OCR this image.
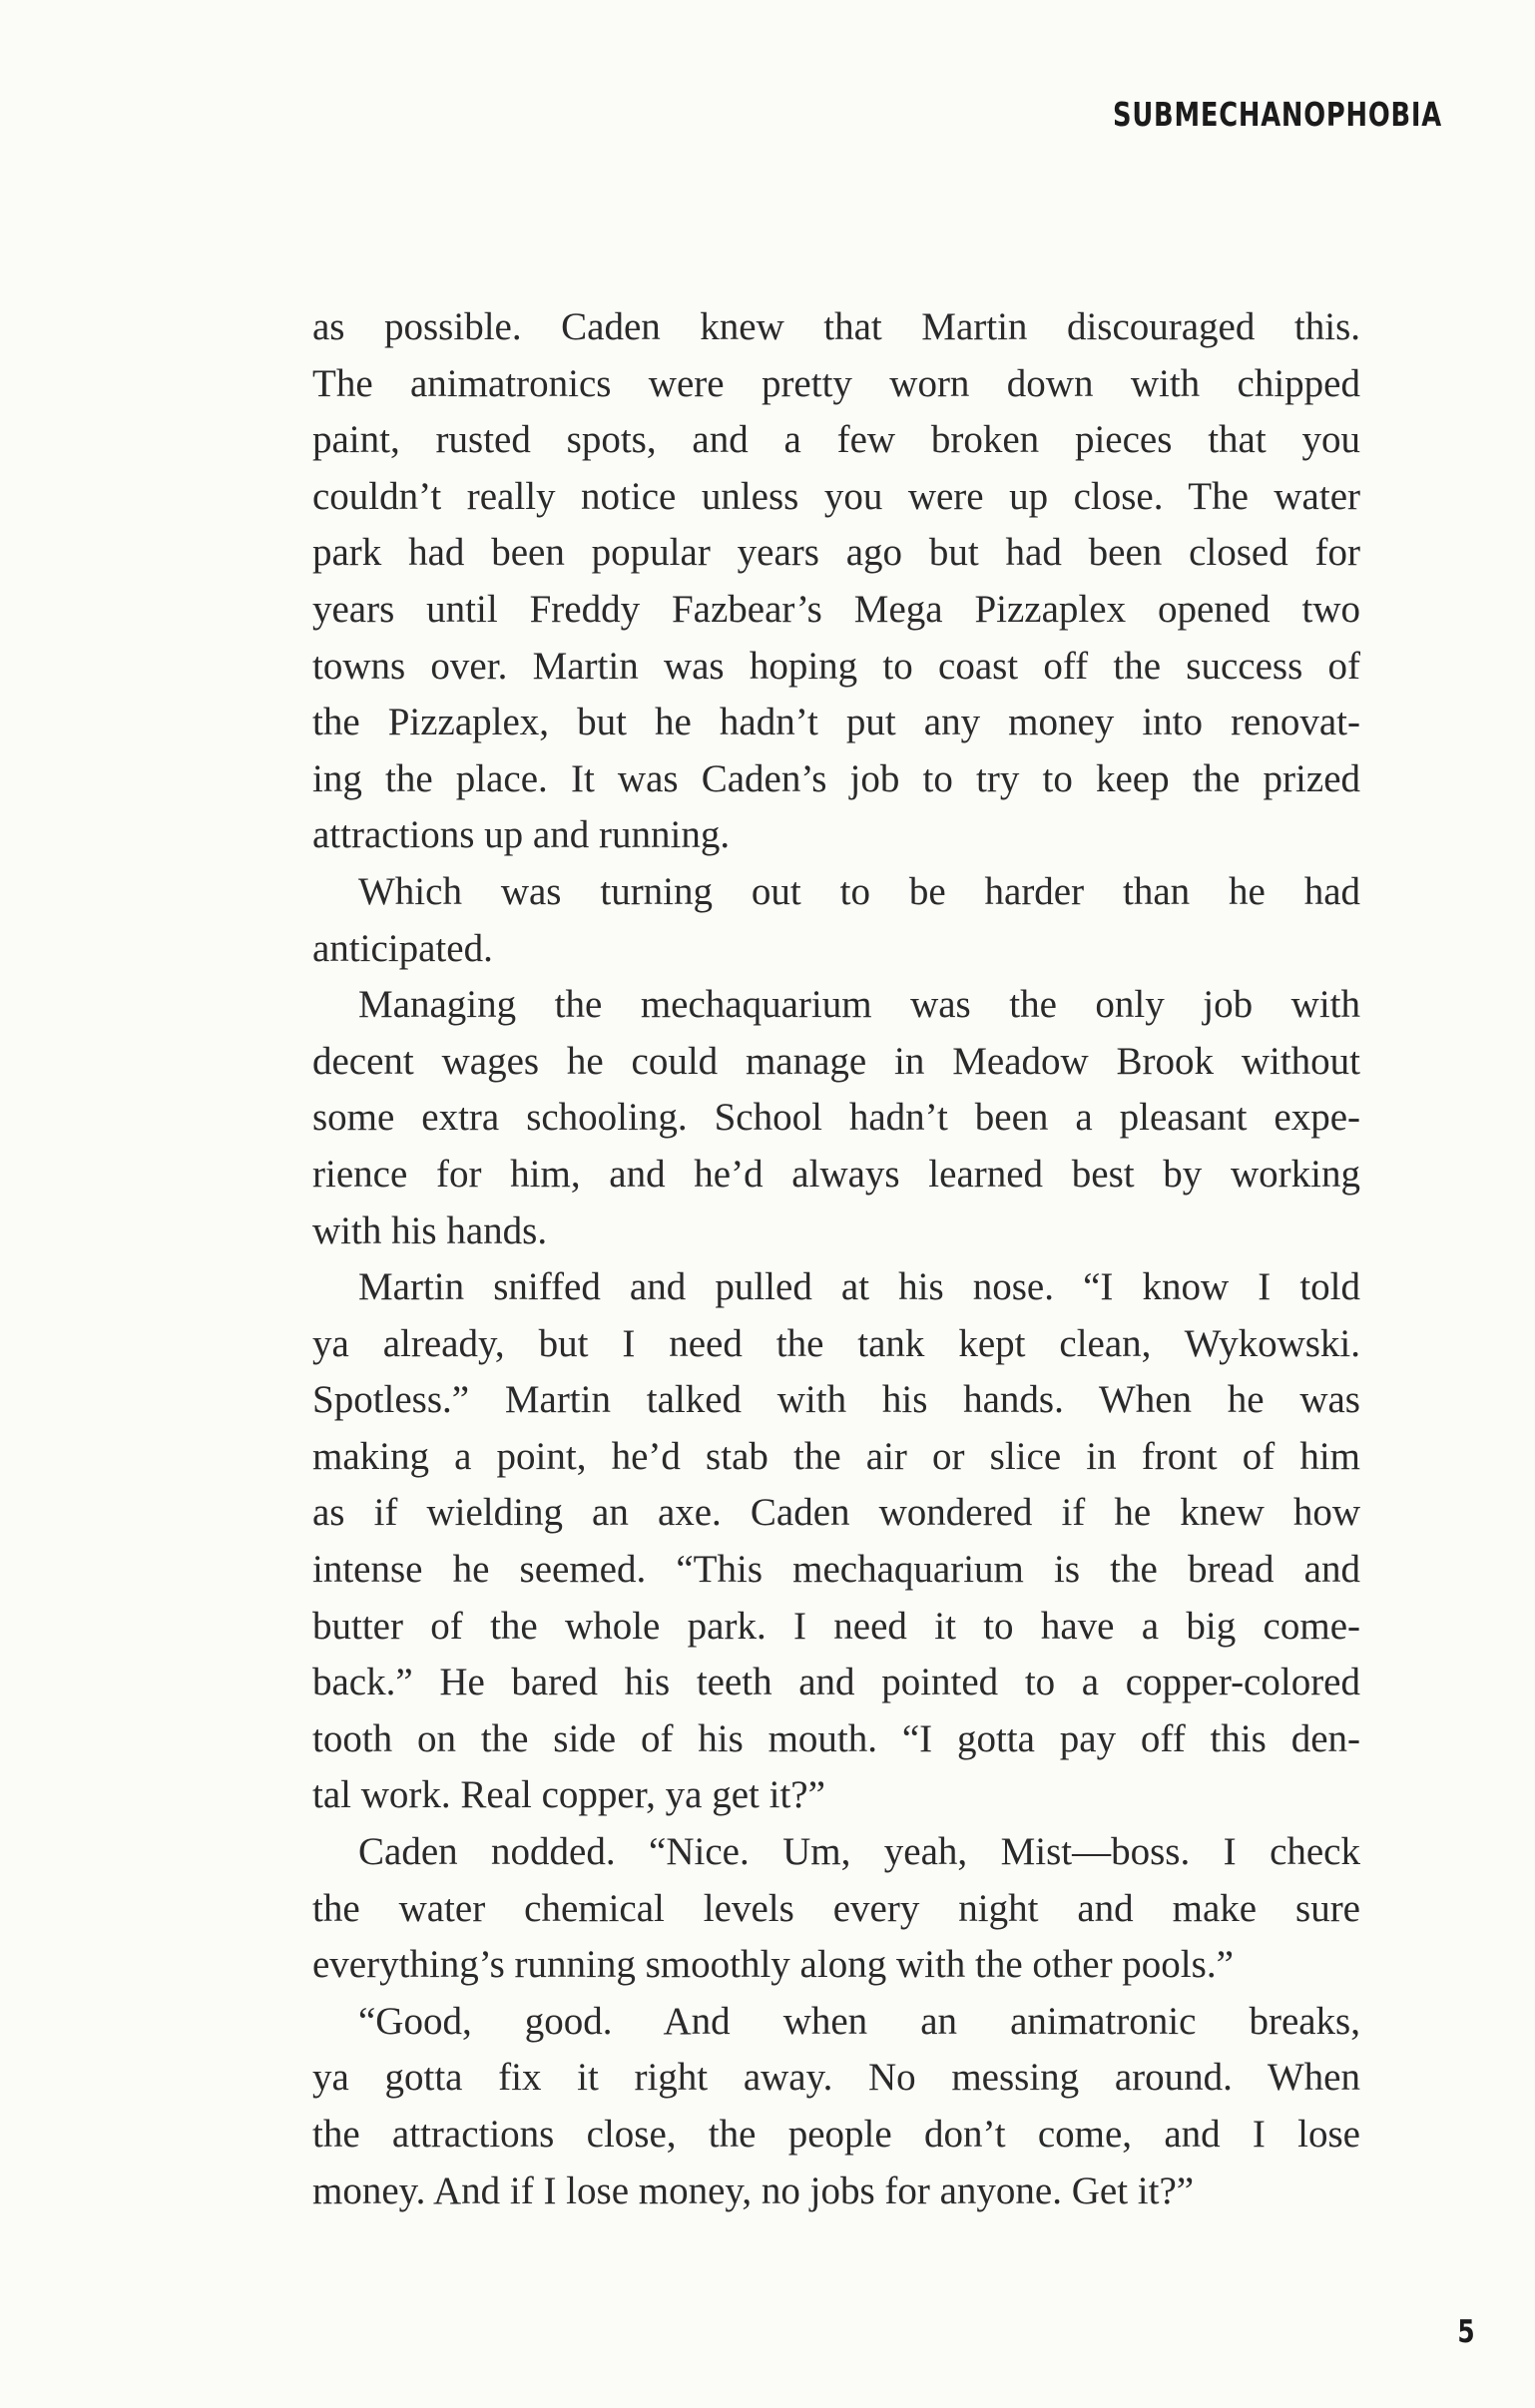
SUBMECHANOPHOBIA
as possible. Caden knew that Martin discouraged this.
The animatronics were pretty worn down with chipped
paint, rusted spots, and a few broken pieces that you
couldn’t really notice unless you were up close. The water
park had been popular years ago but had been closed for
years until Freddy Fazbear’s Mega Pizzaplex opened two
towns over. Martin was hoping to coast off the success of
the Pizzaplex, but he hadn’t put any money into renovat-
ing the place. It was Caden’s job to try to keep the prized
attractions up and running.
Which was turning out to be harder than he had
anticipated.
Managing the mechaquarium was the only job with
decent wages he could manage in Meadow Brook without
some extra schooling. School hadn’t been a pleasant expe-
rience for him, and he’d always learned best by working
with his hands.
Martin sniffed and pulled at his nose. “I know I told
ya already, but I need the tank kept clean, Wykowski.
Spotless.” Martin talked with his hands. When he was
making a point, he’d stab the air or slice in front of him
as if wielding an axe. Caden wondered if he knew how
intense he seemed. “This mechaquarium is the bread and
butter of the whole park. I need it to have a big come-
back.” He bared his teeth and pointed to a copper-colored
tooth on the side of his mouth. “I gotta pay off this den-
tal work. Real copper, ya get it?”
Caden nodded. “Nice. Um, yeah, Mist—boss. I check
the water chemical levels every night and make sure
everything’s running smoothly along with the other pools.”
“Good, good. And when an animatronic breaks,
ya gotta fix it right away. No messing around. When
the attractions close, the people don’t come, and I lose
money. And if I lose money, no jobs for anyone. Get it?”
5
